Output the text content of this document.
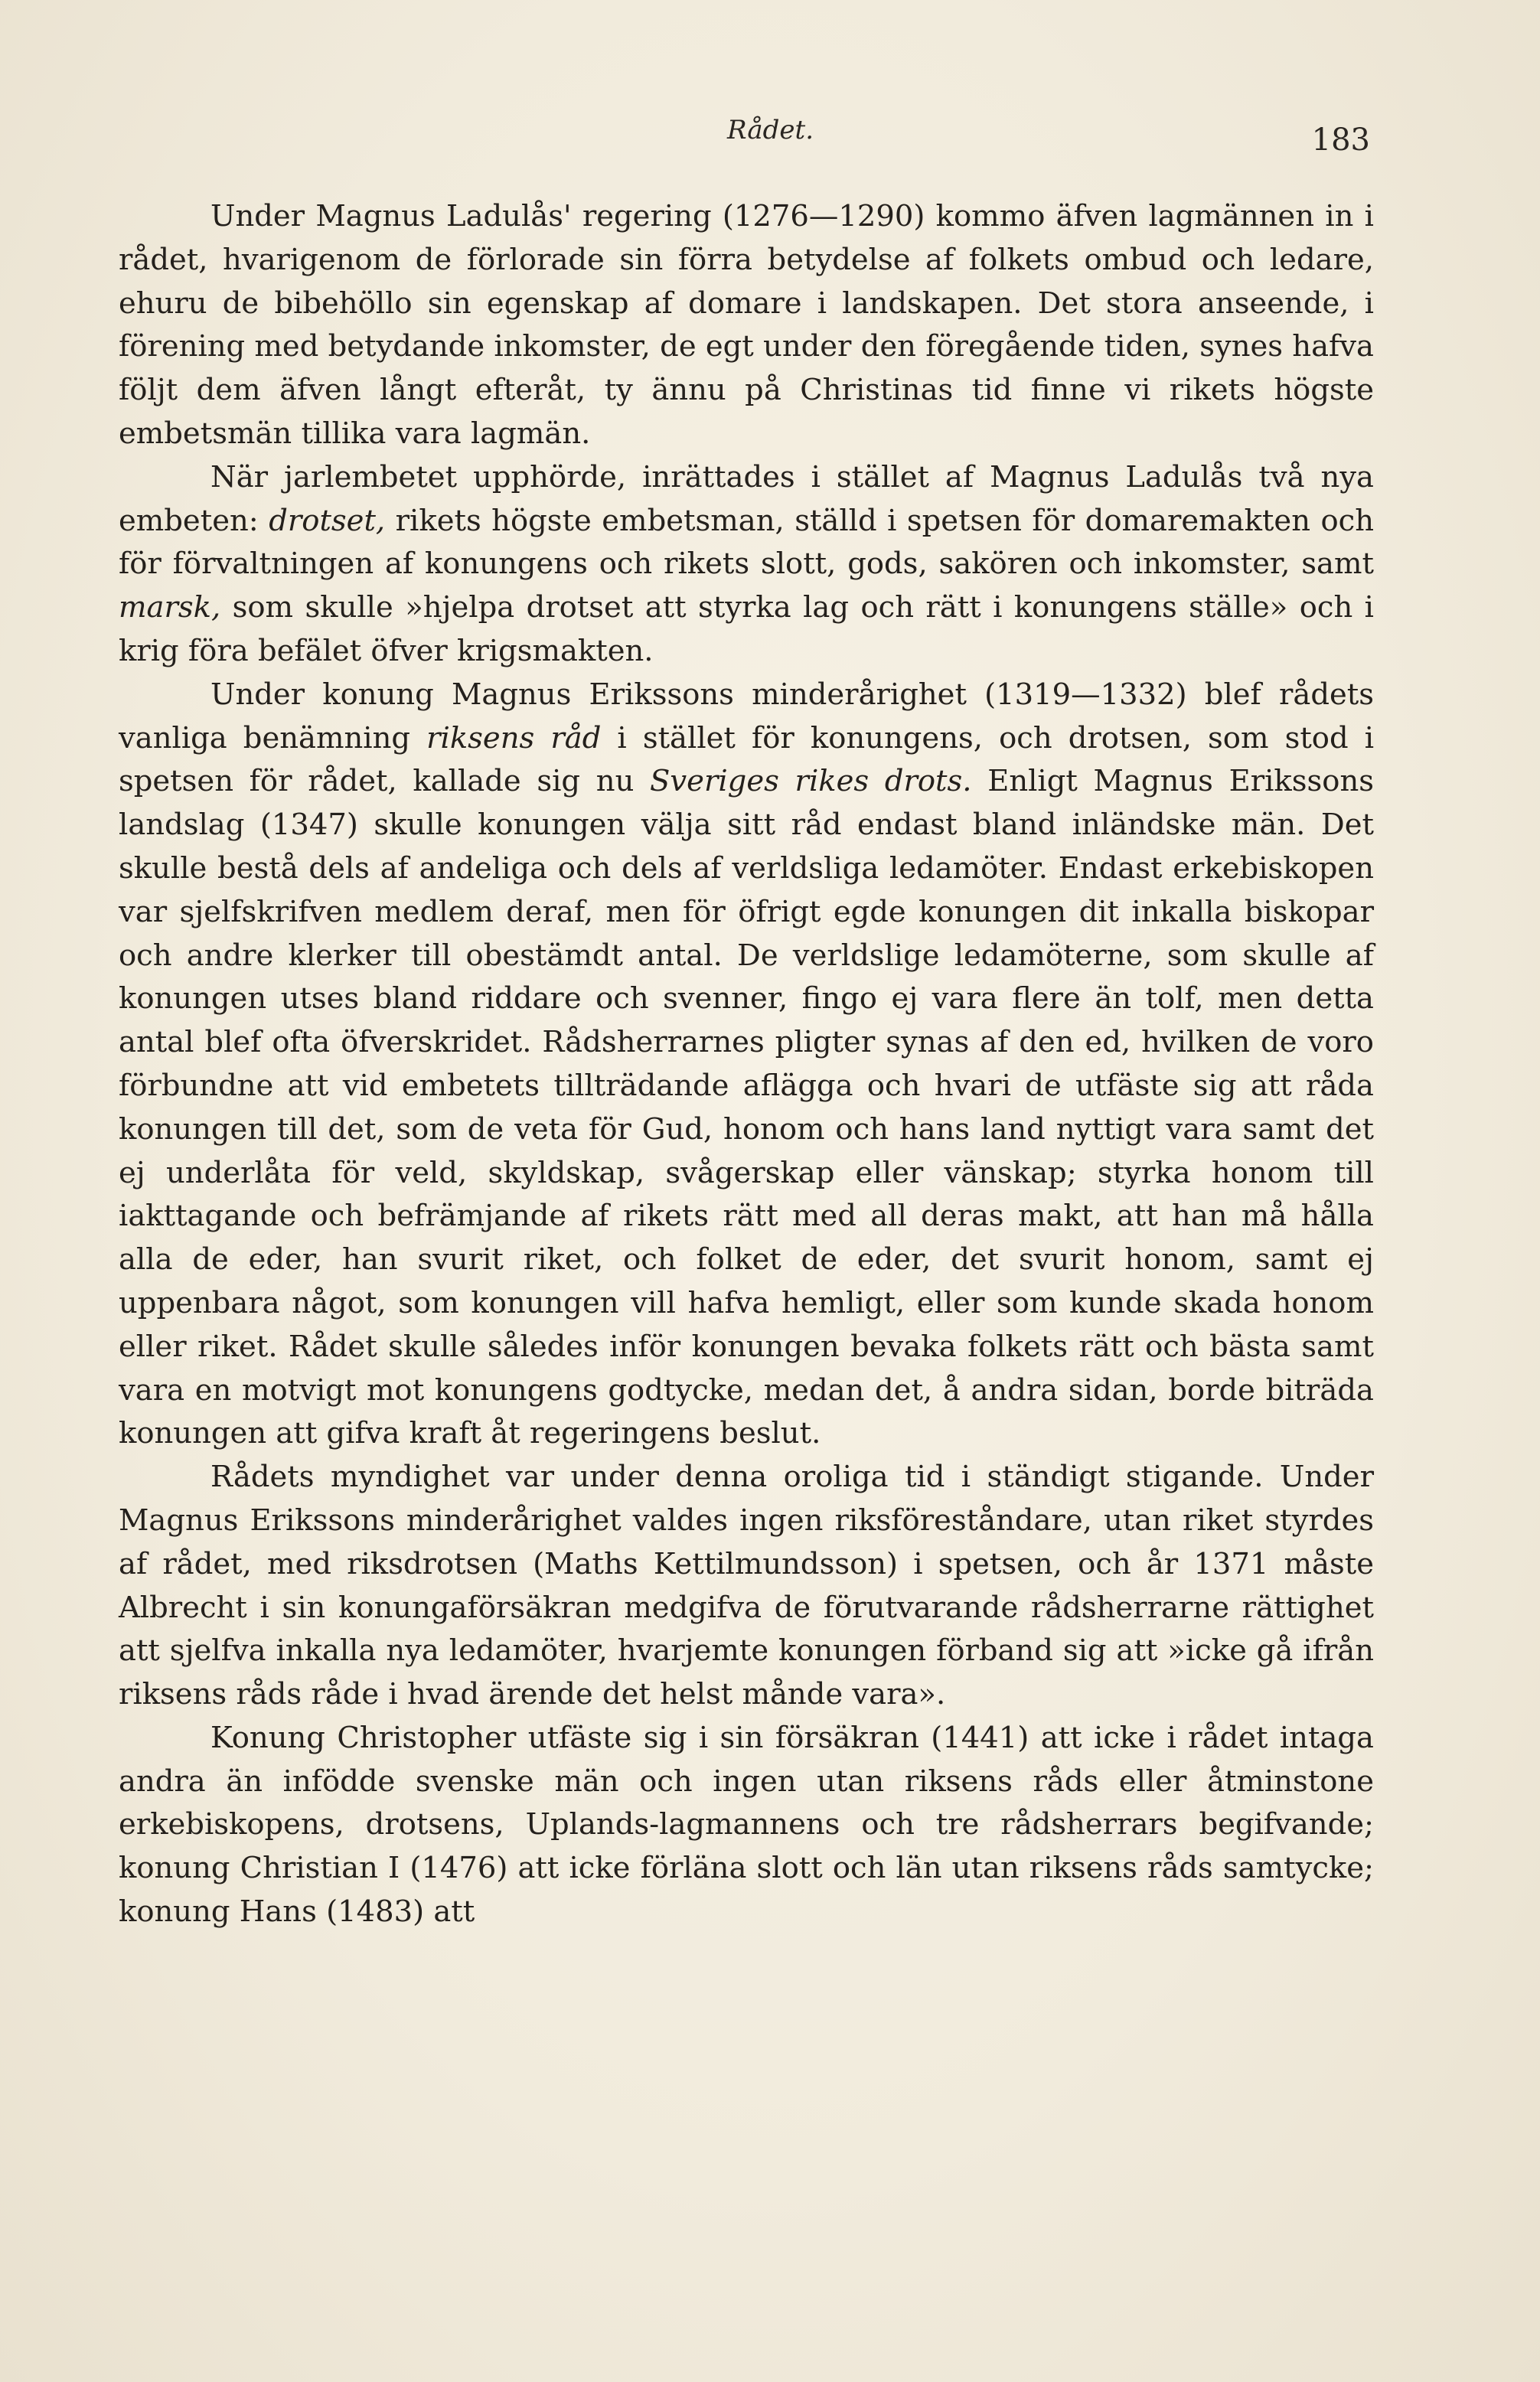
Rådet.	183

Under Magnus Ladulås' regering (1276—1290) kommo äfven lagmännen in i rådet, hvarigenom de förlorade sin förra betydelse af folkets ombud och ledare, ehuru de bibehöllo sin egenskap af domare i landskapen. Det stora anseende, i förening med betydande inkomster, de egt under den föregående tiden, synes hafva följt dem äfven långt efteråt, ty ännu på Christinas tid finne vi rikets högste embetsmän tillika vara lagmän.

När jarlembetet upphörde, inrättades i stället af Magnus Ladulås två nya embeten: drotset, rikets högste embetsman, ställd i spetsen för domaremakten och för förvaltningen af konungens och rikets slott, gods, sakören och inkomster, samt marsk, som skulle »hjelpa drotset att styrka lag och rätt i konungens ställe» och i krig föra befälet öfver krigsmakten.

Under konung Magnus Erikssons minderårighet (1319—1332) blef rådets vanliga benämning riksens råd i stället för konungens, och drotsen, som stod i spetsen för rådet, kallade sig nu Sveriges rikes drots. Enligt Magnus Erikssons landslag (1347) skulle konungen välja sitt råd endast bland inländske män. Det skulle bestå dels af andeliga och dels af verldsliga ledamöter. Endast erkebiskopen var sjelfskrifven medlem deraf, men för öfrigt egde konungen dit inkalla biskopar och andre klerker till obestämdt antal. De verldslige ledamöterne, som skulle af konungen utses bland riddare och svenner, fingo ej vara flere än tolf, men detta antal blef ofta öfverskridet. Rådsherrarnes pligter synas af den ed, hvilken de voro förbundne att vid embetets tillträdande aflägga och hvari de utfäste sig att råda konungen till det, som de veta för Gud, honom och hans land nyttigt vara samt det ej underlåta för veld, skyldskap, svågerskap eller vänskap; styrka honom till iakttagande och befrämjande af rikets rätt med all deras makt, att han må hålla alla de eder, han svurit riket, och folket de eder, det svurit honom, samt ej uppenbara något, som konungen vill hafva hemligt, eller som kunde skada honom eller riket. Rådet skulle således inför konungen bevaka folkets rätt och bästa samt vara en motvigt mot konungens godtycke, medan det, å andra sidan, borde biträda konungen att gifva kraft åt regeringens beslut.

Rådets myndighet var under denna oroliga tid i ständigt stigande. Under Magnus Erikssons minderårighet valdes ingen riksföreståndare, utan riket styrdes af rådet, med riksdrotsen (Maths Kettilmundsson) i spetsen, och år 1371 måste Albrecht i sin konungaförsäkran medgifva de förutvarande rådsherrarne rättighet att sjelfva inkalla nya ledamöter, hvarjemte konungen förband sig att »icke gå ifrån riksens råds råde i hvad ärende det helst månde vara».

Konung Christopher utfäste sig i sin försäkran (1441) att icke i rådet intaga andra än infödde svenske män och ingen utan riksens råds eller åtminstone erkebiskopens, drotsens, Uplands-lagmannens och tre rådsherrars begifvande; konung Christian I (1476) att icke förläna slott och län utan riksens råds samtycke; konung Hans (1483) att
